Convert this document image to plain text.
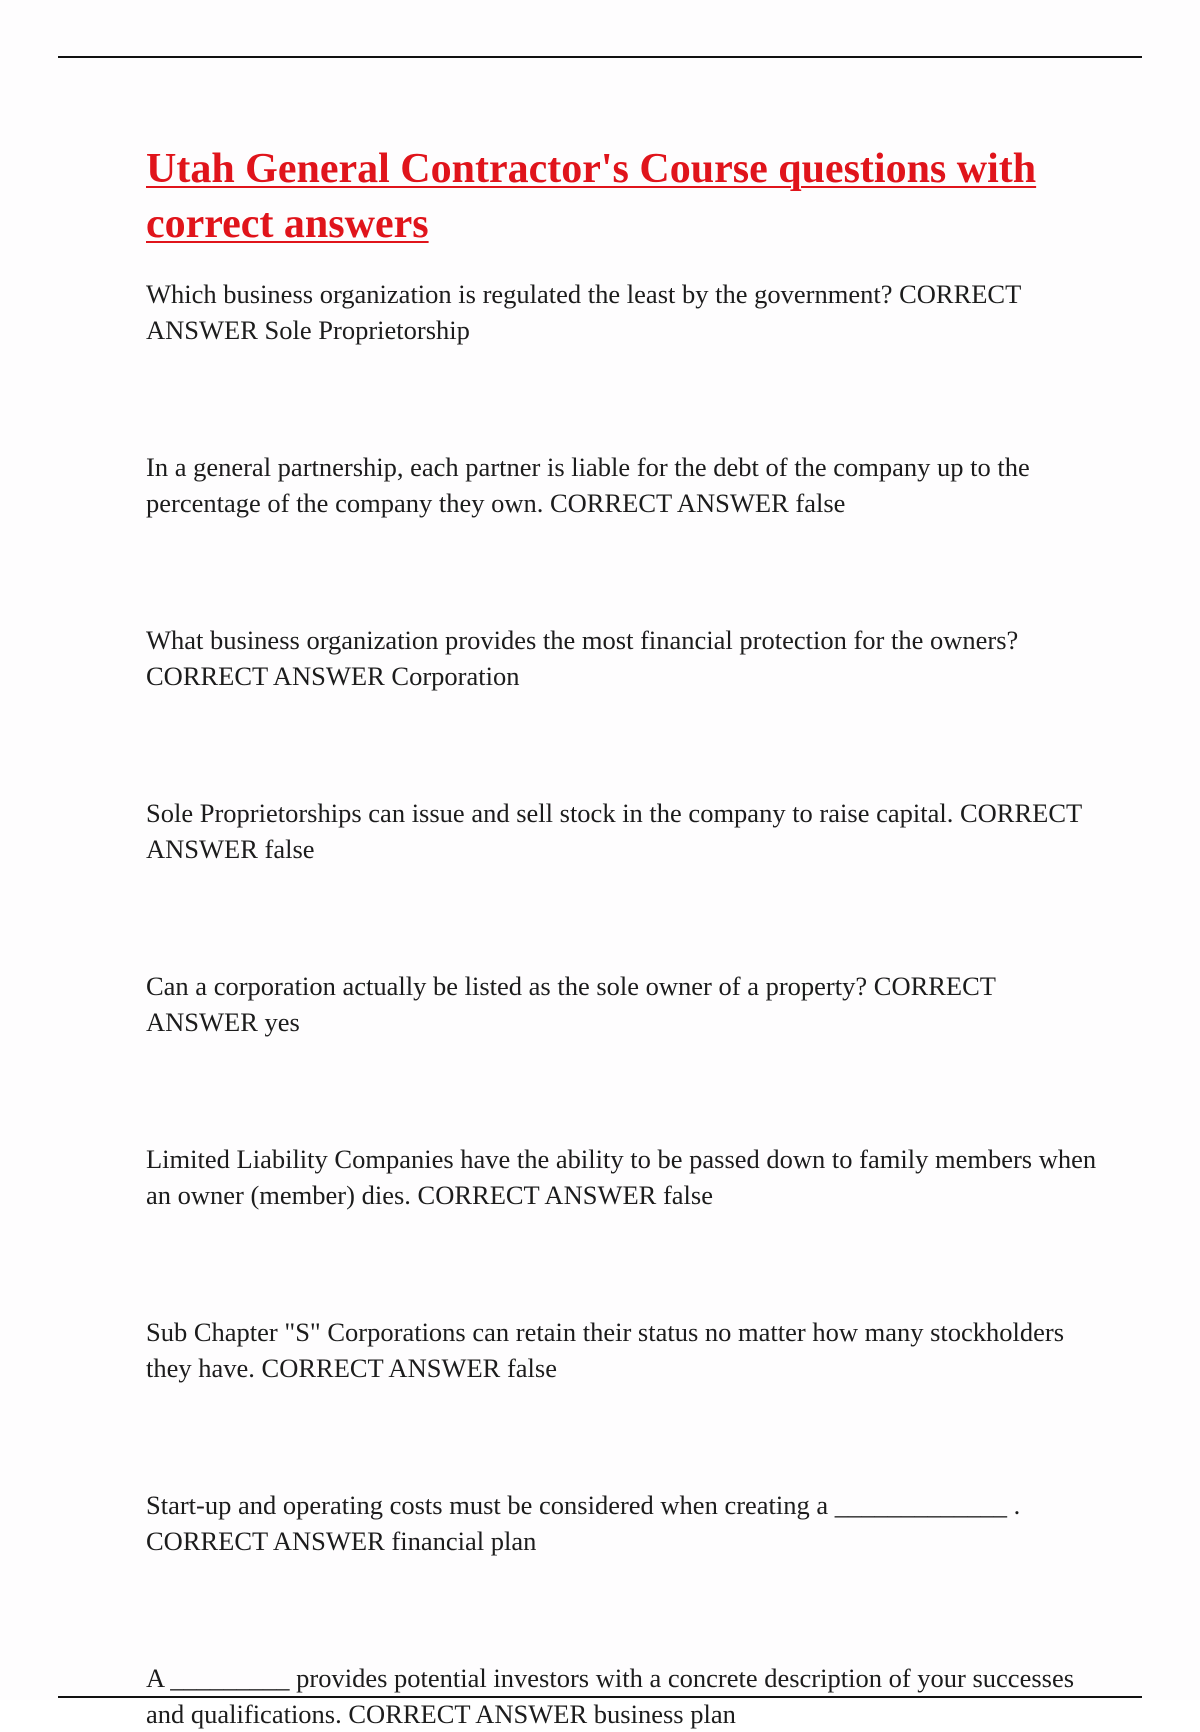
Utah General Contractor's Course questions with correct answers

Which business organization is regulated the least by the government? CORRECT ANSWER Sole Proprietorship

In a general partnership, each partner is liable for the debt of the company up to the percentage of the company they own. CORRECT ANSWER false

What business organization provides the most financial protection for the owners? CORRECT ANSWER Corporation

Sole Proprietorships can issue and sell stock in the company to raise capital. CORRECT ANSWER false

Can a corporation actually be listed as the sole owner of a property? CORRECT ANSWER yes

Limited Liability Companies have the ability to be passed down to family members when an owner (member) dies. CORRECT ANSWER false

Sub Chapter "S" Corporations can retain their status no matter how many stockholders they have. CORRECT ANSWER false

Start-up and operating costs must be considered when creating a _____________ . CORRECT ANSWER financial plan

A _________ provides potential investors with a concrete description of your successes and qualifications. CORRECT ANSWER business plan
